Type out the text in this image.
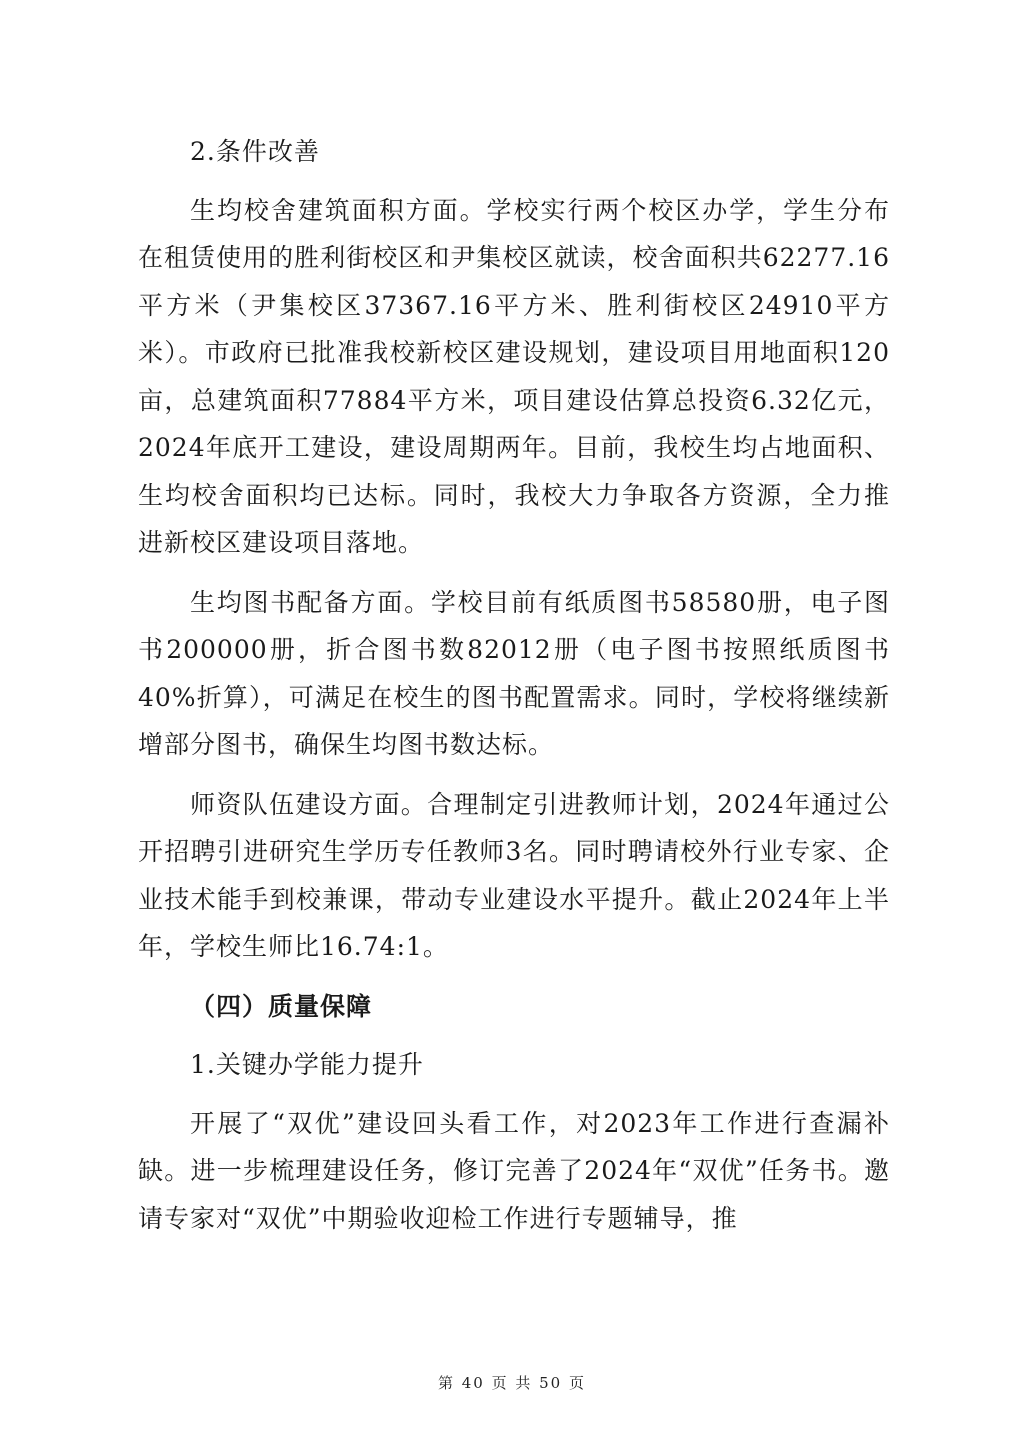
2.条件改善

生均校舍建筑面积方面。学校实行两个校区办学，学生分布在租赁使用的胜利街校区和尹集校区就读，校舍面积共62277.16平方米（尹集校区37367.16平方米、胜利街校区24910平方米）。市政府已批准我校新校区建设规划，建设项目用地面积120亩，总建筑面积77884平方米，项目建设估算总投资6.32亿元，2024年底开工建设，建设周期两年。目前，我校生均占地面积、生均校舍面积均已达标。同时，我校大力争取各方资源，全力推进新校区建设项目落地。

生均图书配备方面。学校目前有纸质图书58580册，电子图书200000册，折合图书数82012册（电子图书按照纸质图书40%折算），可满足在校生的图书配置需求。同时，学校将继续新增部分图书，确保生均图书数达标。

师资队伍建设方面。合理制定引进教师计划，2024年通过公开招聘引进研究生学历专任教师3名。同时聘请校外行业专家、企业技术能手到校兼课，带动专业建设水平提升。截止2024年上半年，学校生师比16.74:1。

（四）质量保障

1.关键办学能力提升

开展了“双优”建设回头看工作，对2023年工作进行查漏补缺。进一步梳理建设任务，修订完善了2024年“双优”任务书。邀请专家对“双优”中期验收迎检工作进行专题辅导，推

第 40 页 共 50 页
